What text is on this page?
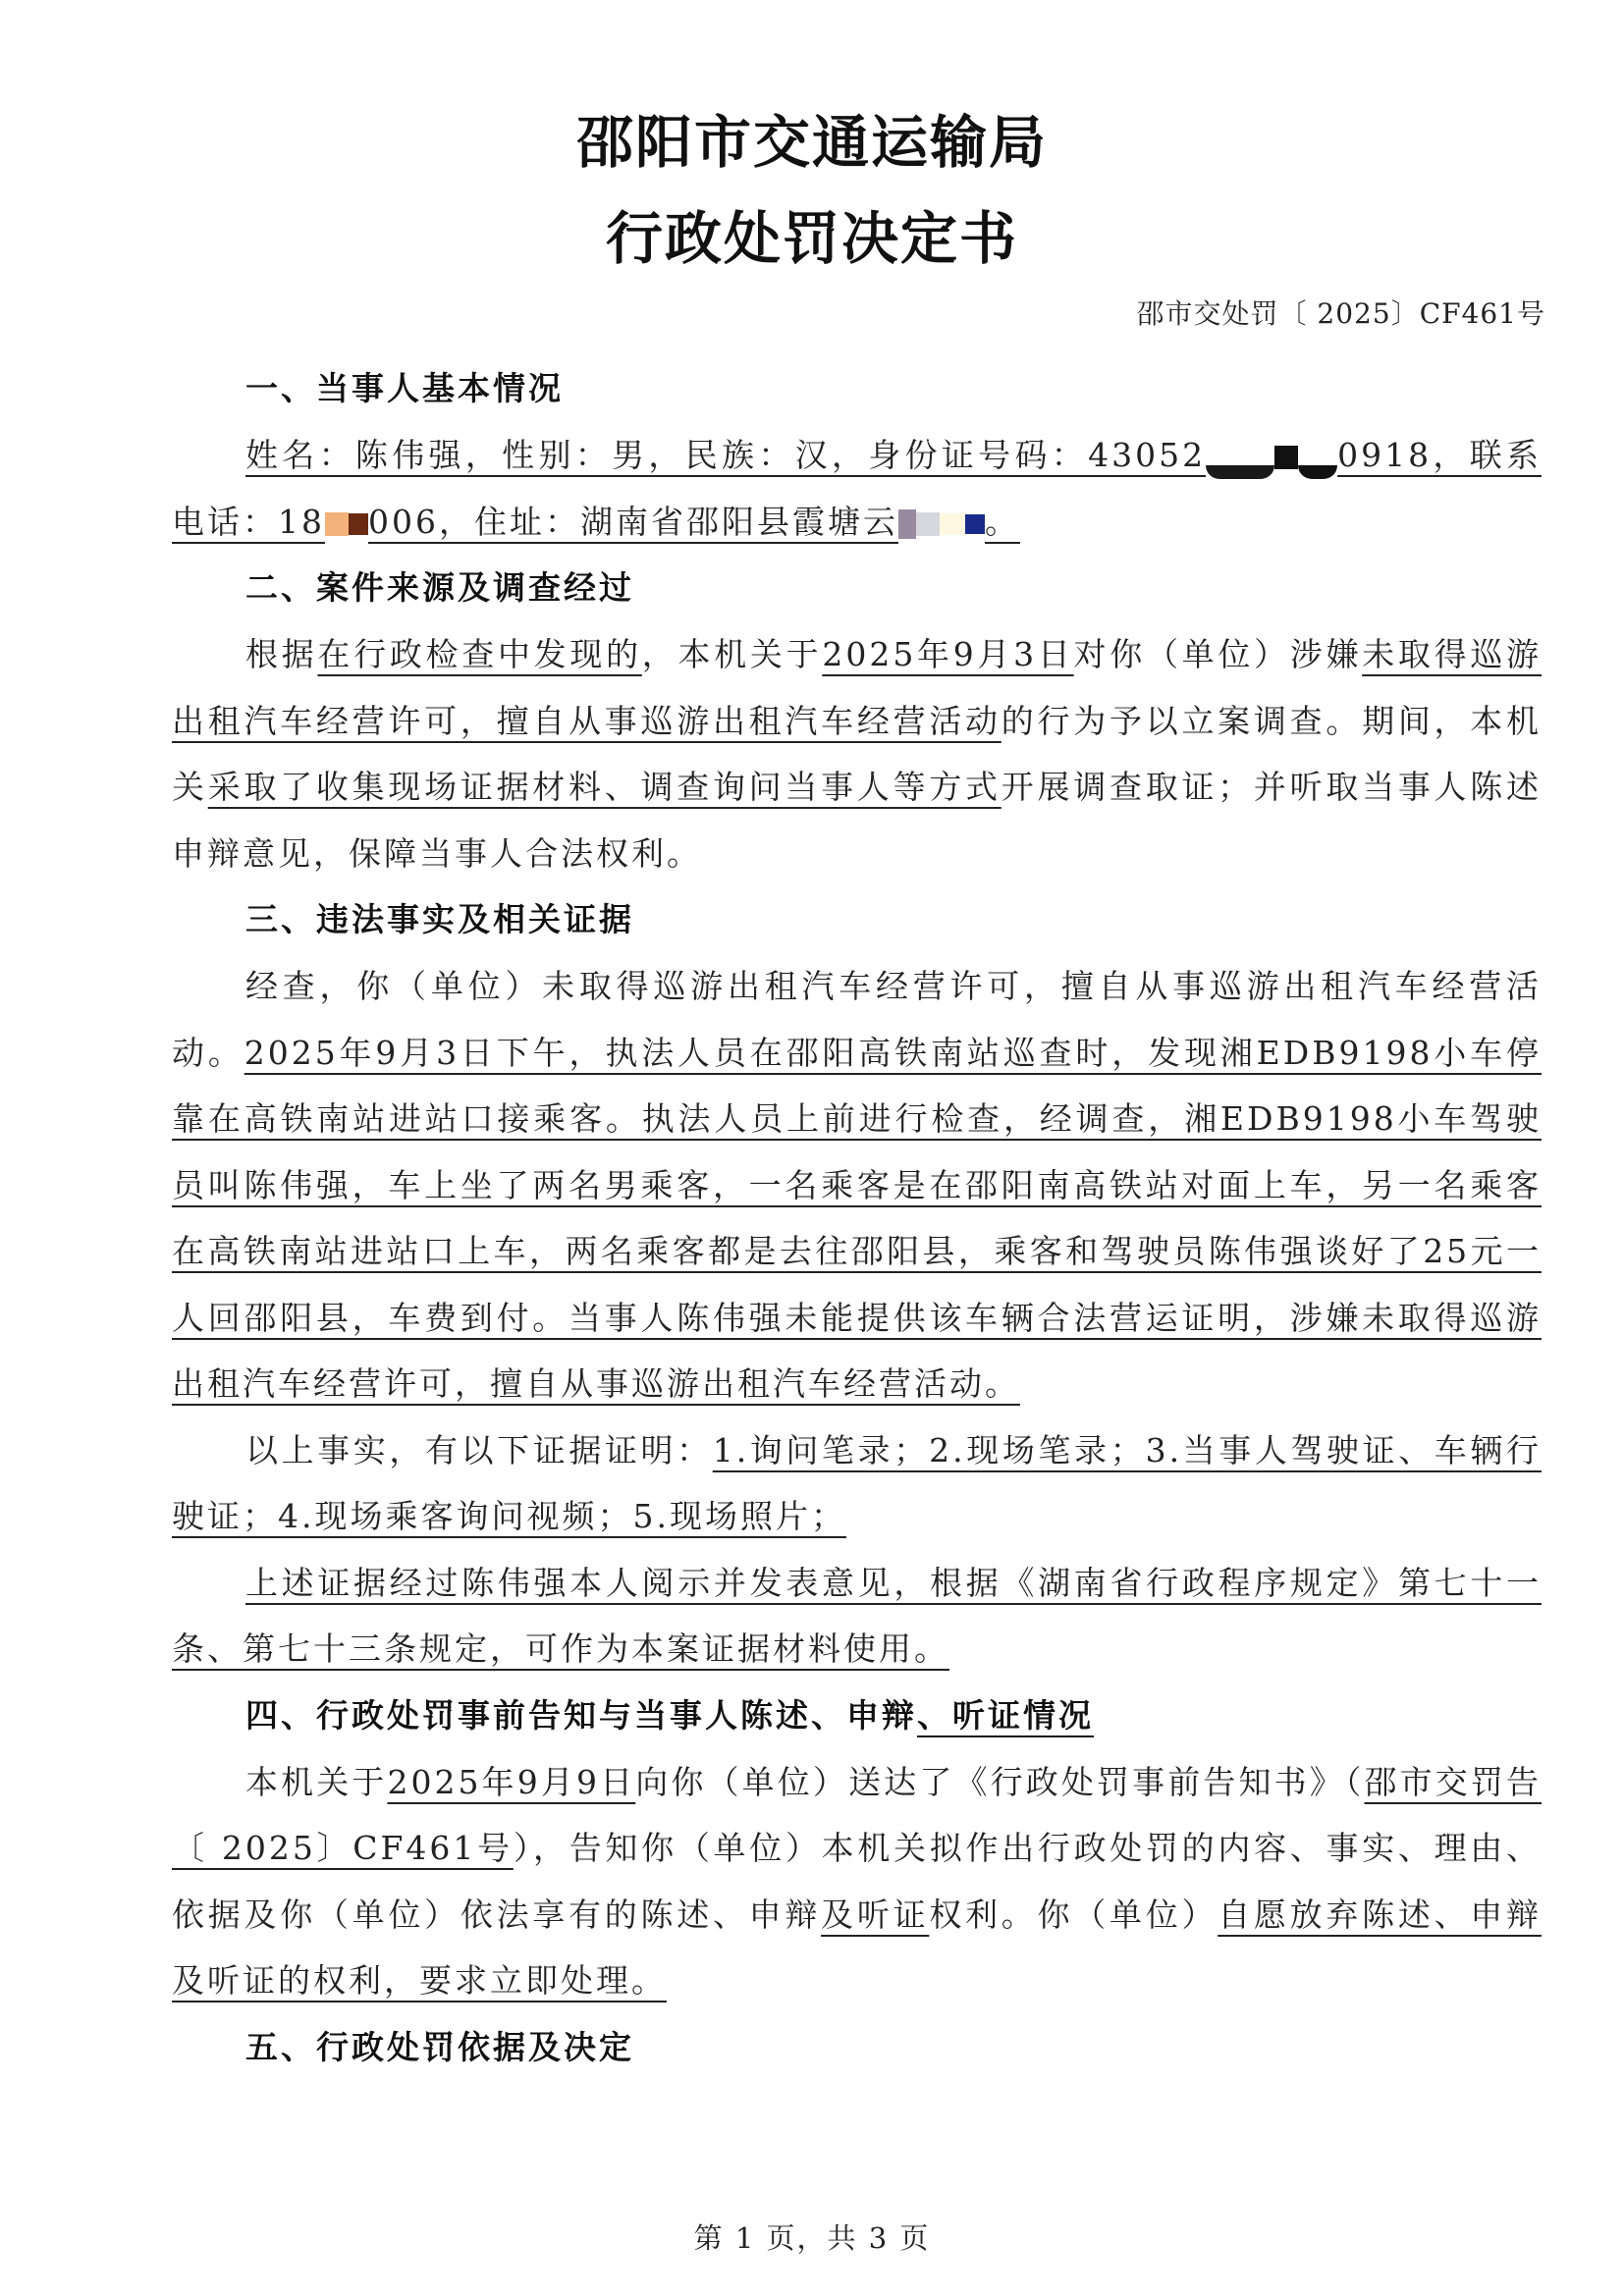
邵阳市交通运输局
行政处罚决定书
邵市交处罚〔 2025〕CF461号
一、当事人基本情况

姓名：陈伟强，性别：男，民族：汉，身份证号码：43052	0918，联系电话：18 006，住址：湖南省邵阳县霞塘云	。

二、案件来源及调查经过

根据在行政检查中发现的，本机关于2025年9月3日对你（单位）涉嫌未取得巡游出租汽车经营许可，擅自从事巡游出租汽车经营活动的行为予以立案调查。期间，本机关采取了收集现场证据材料、调查询问当事人等方式开展调查取证；并听取当事人陈述申辩意见，保障当事人合法权利。

三、违法事实及相关证据

经查，你（单位）未取得巡游出租汽车经营许可，擅自从事巡游出租汽车经营活动。2025年9月3日下午，执法人员在邵阳高铁南站巡查时，发现湘EDB9198小车停靠在高铁南站进站口接乘客。执法人员上前进行检查，经调查，湘EDB9198小车驾驶员叫陈伟强，车上坐了两名男乘客，一名乘客是在邵阳南高铁站对面上车，另一名乘客在高铁南站进站口上车，两名乘客都是去往邵阳县，乘客和驾驶员陈伟强谈好了25元一人回邵阳县，车费到付。当事人陈伟强未能提供该车辆合法营运证明，涉嫌未取得巡游出租汽车经营许可，擅自从事巡游出租汽车经营活动。

以上事实，有以下证据证明：1.询问笔录；2.现场笔录；3.当事人驾驶证、车辆行驶证；4.现场乘客询问视频；5.现场照片；

上述证据经过陈伟强本人阅示并发表意见，根据《湖南省行政程序规定》第七十一条、第七十三条规定，可作为本案证据材料使用。

四、行政处罚事前告知与当事人陈述、申辩、听证情况

本机关于2025年9月9日向你（单位）送达了《行政处罚事前告知书》（邵市交罚告〔 2025〕CF461号），告知你（单位）本机关拟作出行政处罚的内容、事实、理由、依据及你（单位）依法享有的陈述、申辩及听证权利。你（单位）自愿放弃陈述、申辩及听证的权利，要求立即处理。

五、行政处罚依据及决定
第 1 页，共 3 页
